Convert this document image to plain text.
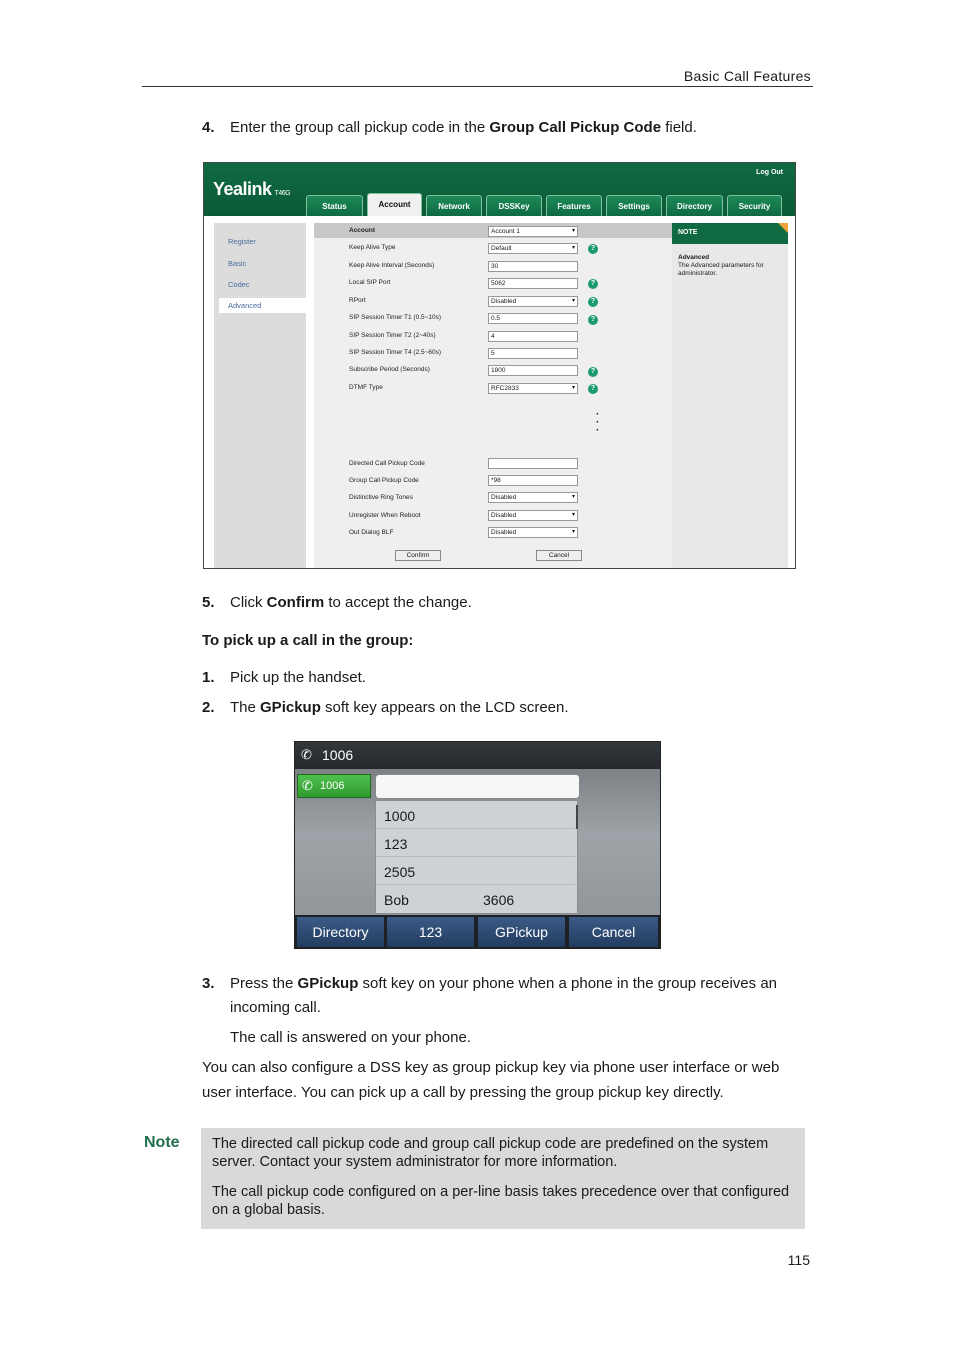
Basic Call Features
4. Enter the group call pickup code in the Group Call Pickup Code field.
Yealink T46G
Log Out
Status	Account	Network	DSSKey	Features	Settings	Directory	Security
Register
Basic
Codec
Advanced
Account	Account 1 ▾
Keep Alive Type	Default ▾	?
Keep Alive Interval (Seconds)	30
Local SIP Port	5062	?
RPort	Disabled ▾	?
SIP Session Timer T1 (0.5~10s)	0.5	?
SIP Session Timer T2 (2~40s)	4
SIP Session Timer T4 (2.5~60s)	5
Subscribe Period (Seconds)	1800	?
DTMF Type	RFC2833 ▾	?
·
·
·
Directed Call Pickup Code
Group Call Pickup Code	*98
Distinctive Ring Tones	Disabled ▾
Unregister When Reboot	Disabled ▾
Out Dialog BLF	Disabled ▾
Confirm	Cancel
NOTE
Advanced
The Advanced parameters for administrator.
5. Click Confirm to accept the change.
To pick up a call in the group:
1. Pick up the handset.
2. The GPickup soft key appears on the LCD screen.
✆ 1006
✆ 1006
1000
123
2505
Bob	3606
Directory	123	GPickup	Cancel
3. Press the GPickup soft key on your phone when a phone in the group receives an
incoming call.
The call is answered on your phone.
You can also configure a DSS key as group pickup key via phone user interface or web user interface. You can pick up a call by pressing the group pickup key directly.
Note The directed call pickup code and group call pickup code are predefined on the system server. Contact your system administrator for more information.

The call pickup code configured on a per-line basis takes precedence over that configured on a global basis.

115
